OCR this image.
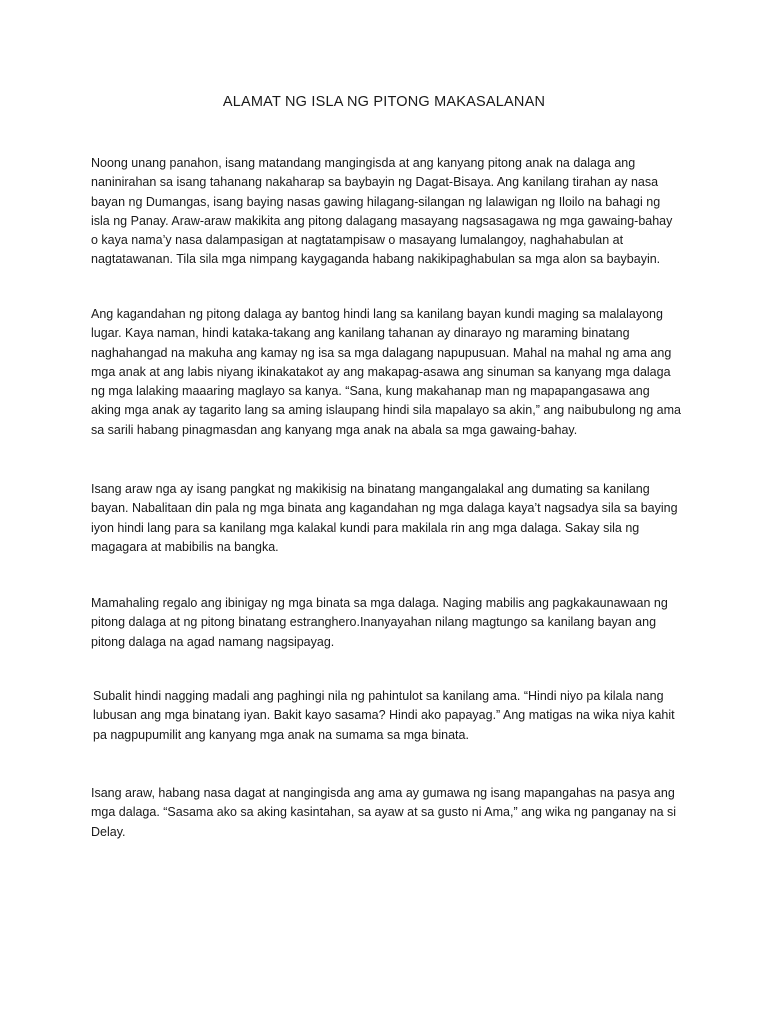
ALAMAT NG ISLA NG PITONG MAKASALANAN

Noong unang panahon, isang matandang mangingisda at ang kanyang pitong anak na dalaga ang naninirahan sa isang tahanang nakaharap sa baybayin ng Dagat-Bisaya. Ang kanilang tirahan ay nasa bayan ng Dumangas, isang baying nasas gawing hilagang-silangan ng lalawigan ng Iloilo na bahagi ng isla ng Panay. Araw-araw makikita ang pitong dalagang masayang nagsasagawa ng mga gawaing-bahay o kaya nama’y nasa dalampasigan at nagtatampisaw o masayang lumalangoy, naghahabulan at nagtatawanan. Tila sila mga nimpang kaygaganda habang nakikipaghabulan sa mga alon sa baybayin.

Ang kagandahan ng pitong dalaga ay bantog hindi lang sa kanilang bayan kundi maging sa malalayong lugar. Kaya naman, hindi kataka-takang ang kanilang tahanan ay dinarayo ng maraming binatang naghahangad na makuha ang kamay ng isa sa mga dalagang napupusuan. Mahal na mahal ng ama ang mga anak at ang labis niyang ikinakatakot ay ang makapag-asawa ang sinuman sa kanyang mga dalaga ng mga lalaking maaaring maglayo sa kanya. “Sana, kung makahanap man ng mapapangasawa ang aking mga anak ay tagarito lang sa aming islaupang hindi sila mapalayo sa akin,” ang naibubulong ng ama sa sarili habang pinagmasdan ang kanyang mga anak na abala sa mga gawaing-bahay.

Isang araw nga ay isang pangkat ng makikisig na binatang mangangalakal ang dumating sa kanilang bayan. Nabalitaan din pala ng mga binata ang kagandahan ng mga dalaga kaya’t nagsadya sila sa baying iyon hindi lang para sa kanilang mga kalakal kundi para makilala rin ang mga dalaga. Sakay sila ng magagara at mabibilis na bangka.

Mamahaling regalo ang ibinigay ng mga binata sa mga dalaga. Naging mabilis ang pagkakaunawaan ng pitong dalaga at ng pitong binatang estranghero.Inanyayahan nilang magtungo sa kanilang bayan ang pitong dalaga na agad namang nagsipayag.

Subalit hindi nagging madali ang paghingi nila ng pahintulot sa kanilang ama. “Hindi niyo pa kilala nang lubusan ang mga binatang iyan. Bakit kayo sasama? Hindi ako papayag.” Ang matigas na wika niya kahit pa nagpupumilit ang kanyang mga anak na sumama sa mga binata.

Isang araw, habang nasa dagat at nangingisda ang ama ay gumawa ng isang mapangahas na pasya ang mga dalaga. “Sasama ako sa aking kasintahan, sa ayaw at sa gusto ni Ama,” ang wika ng panganay na si Delay.
